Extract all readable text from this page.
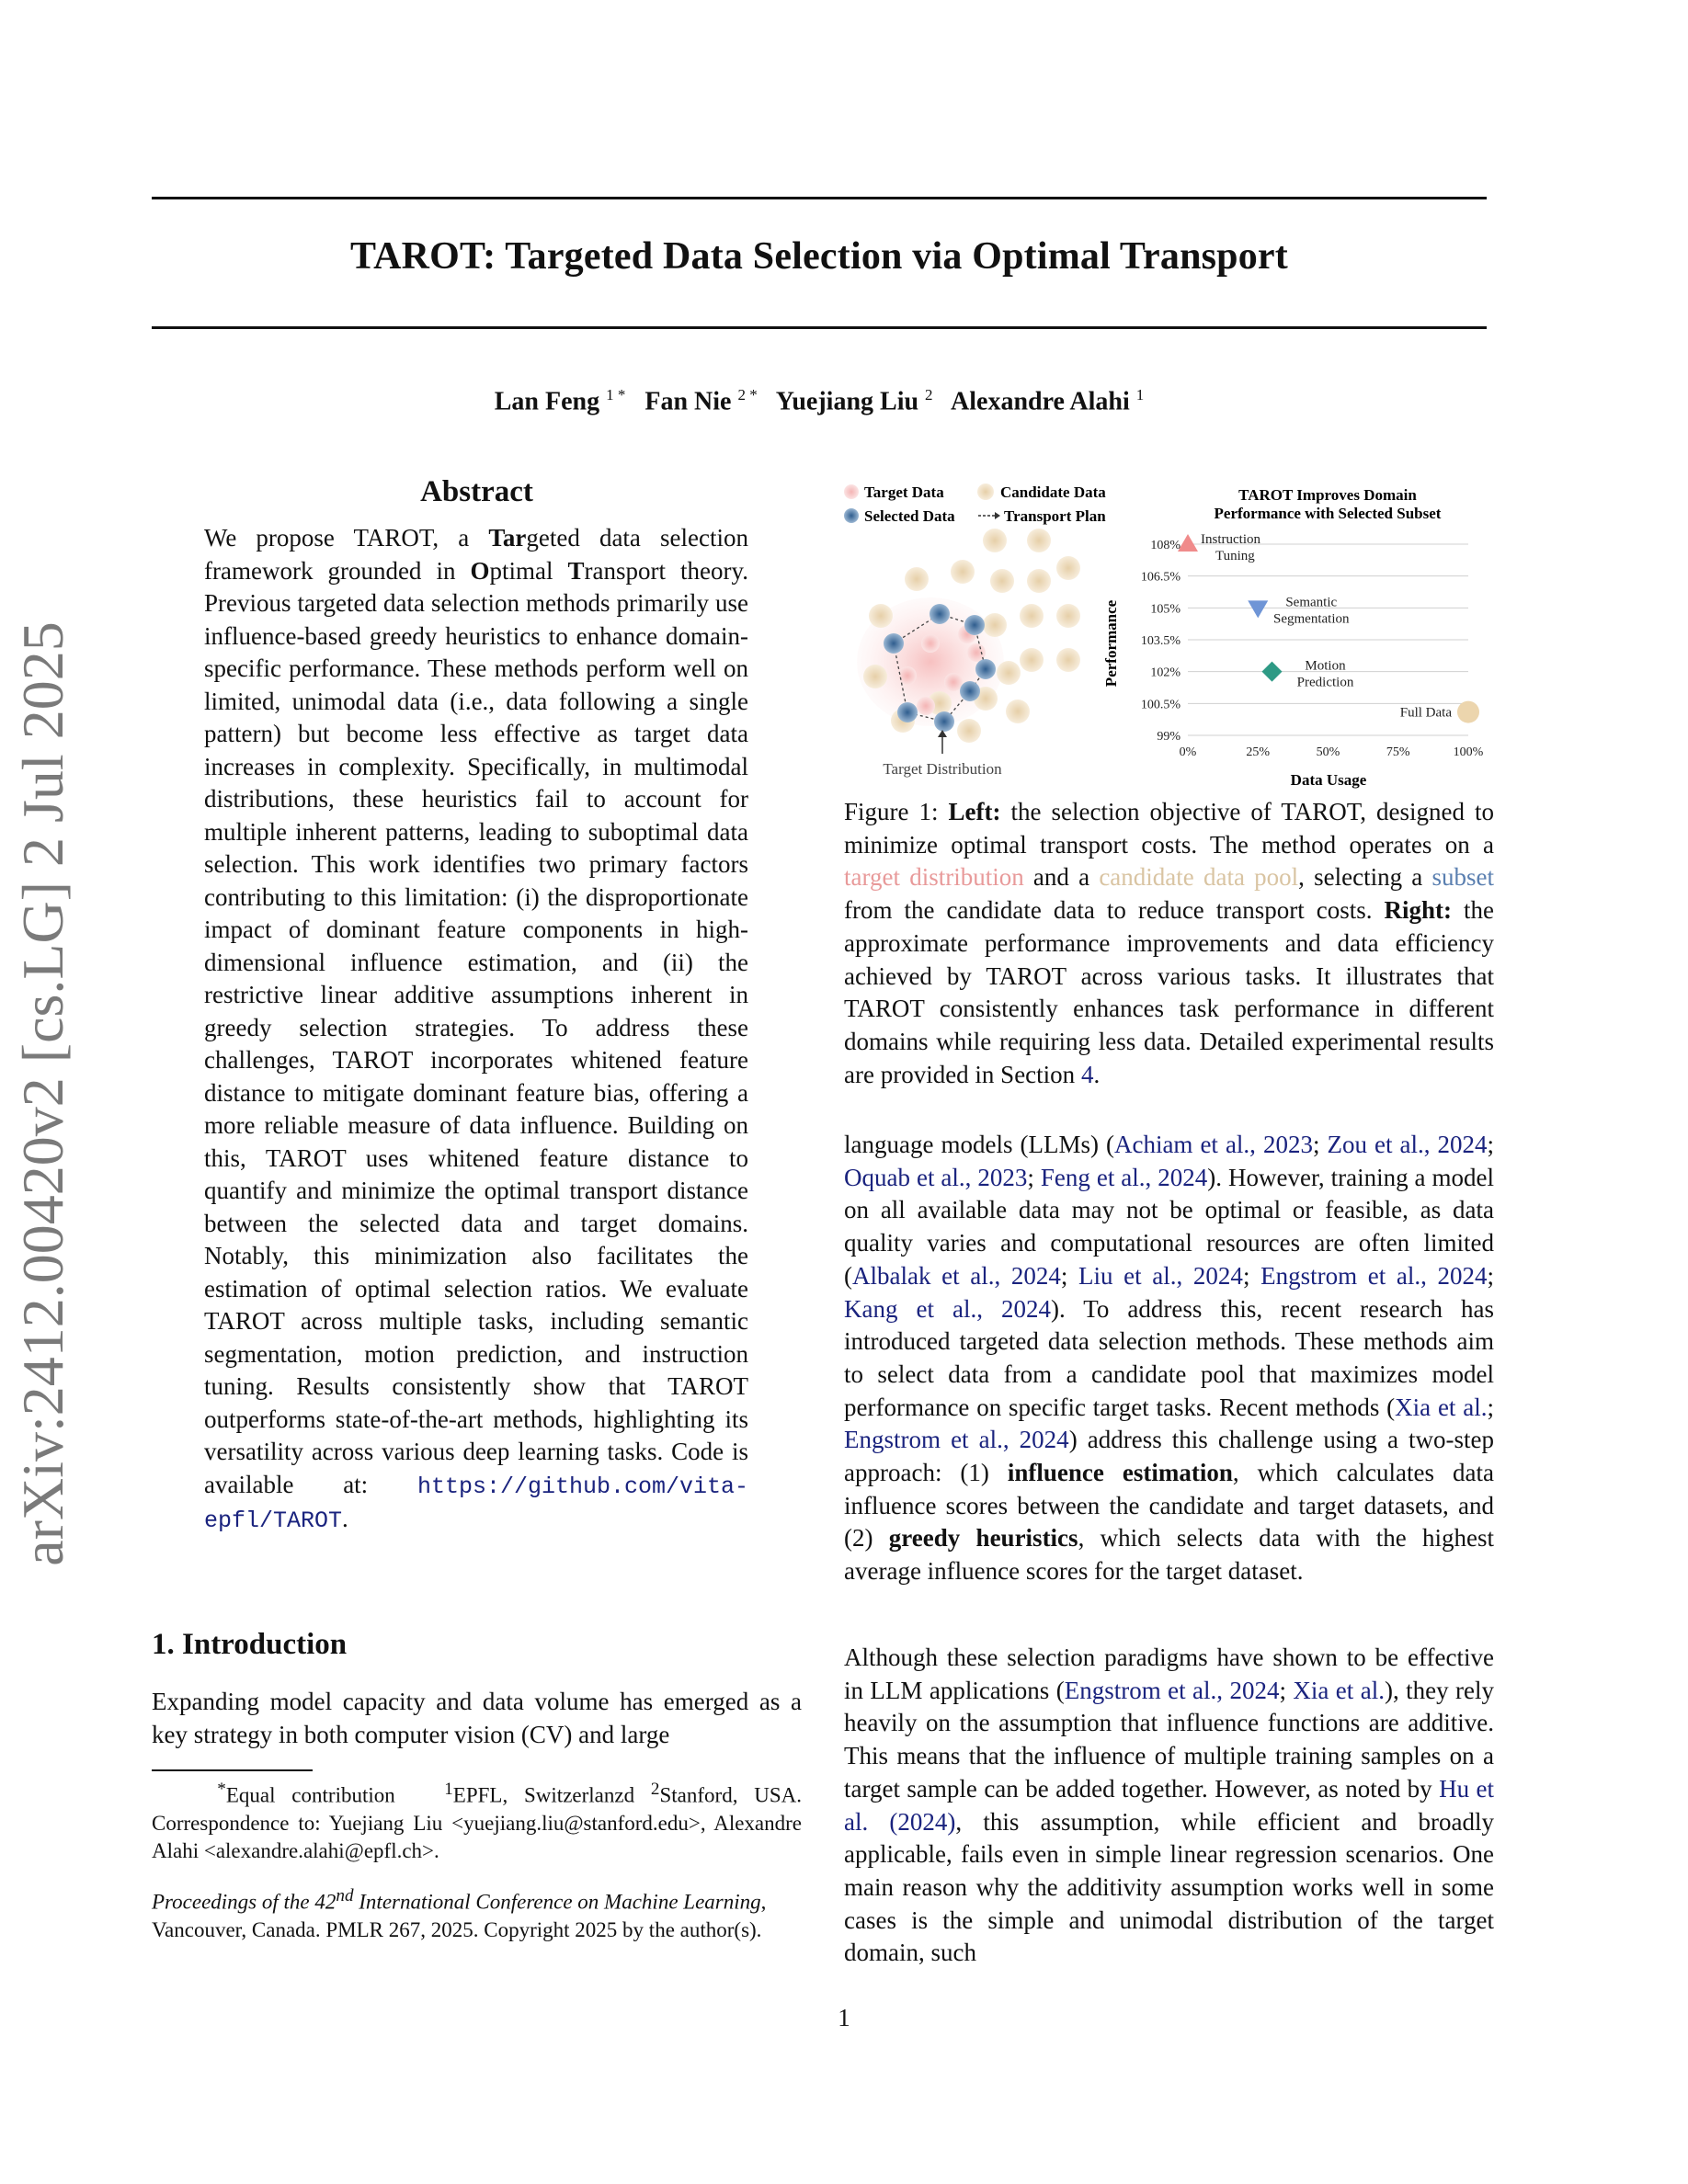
TAROT: Targeted Data Selection via Optimal Transport
Lan Feng $^{1 *}$ Fan Nie $^{2 *}$ Yuejiang Liu $^2$ Alexandre Alahi $^1$
arXiv:2412.00420v2 [cs.LG] 2 Jul 2025
Abstract
We propose TAROT, a Targeted data selection framework grounded in Optimal Transport theory. Previous targeted data selection methods primarily use influence-based greedy heuristics to enhance domain-specific performance. These methods perform well on limited, unimodal data (i.e., data following a single pattern) but become less effective as target data increases in complexity. Specifically, in multimodal distributions, these heuristics fail to account for multiple inherent patterns, leading to suboptimal data selection. This work identifies two primary factors contributing to this limitation: (i) the disproportionate impact of dominant feature components in high-dimensional influence estimation, and (ii) the restrictive linear additive assumptions inherent in greedy selection strategies. To address these challenges, TAROT incorporates whitened feature distance to mitigate dominant feature bias, offering a more reliable measure of data influence. Building on this, TAROT uses whitened feature distance to quantify and minimize the optimal transport distance between the selected data and target domains. Notably, this minimization also facilitates the estimation of optimal selection ratios. We evaluate TAROT across multiple tasks, including semantic segmentation, motion prediction, and instruction tuning. Results consistently show that TAROT outperforms state-of-the-art methods, highlighting its versatility across various deep learning tasks. Code is available at: https://github.com/vita-epfl/TAROT.
1. Introduction
Expanding model capacity and data volume has emerged as a key strategy in both computer vision (CV) and large
*Equal contribution	$^1$EPFL, Switzerlanzd $^2$Stanford, USA. Correspondence to: Yuejiang Liu <yuejiang.liu@stanford.edu>, Alexandre Alahi <alexandre.alahi@epfl.ch>.
Proceedings of the 42nd International Conference on Machine Learning, Vancouver, Canada. PMLR 267, 2025. Copyright 2025 by the author(s).
1
Target Data	Candidate Data
Selected Data	Transport Plan
Target Distribution
TAROT Improves Domain
Performance with Selected Subset
99%
100.5%
102%
103.5%
105%
106.5%
108%
0%	25%	50%	75%	100%
Instruction
Tuning
Semantic
Segmentation
Motion
Prediction
Full Data
Performance
Data Usage
Figure 1: Left: the selection objective of TAROT, designed to minimize optimal transport costs. The method operates on a target distribution and a candidate data pool, selecting a subset from the candidate data to reduce transport costs. Right: the approximate performance improvements and data efficiency achieved by TAROT across various tasks. It illustrates that TAROT consistently enhances task performance in different domains while requiring less data. Detailed experimental results are provided in Section 4.
language models (LLMs) (Achiam et al., 2023; Zou et al., 2024; Oquab et al., 2023; Feng et al., 2024). However, training a model on all available data may not be optimal or feasible, as data quality varies and computational resources are often limited (Albalak et al., 2024; Liu et al., 2024; Engstrom et al., 2024; Kang et al., 2024). To address this, recent research has introduced targeted data selection methods. These methods aim to select data from a candidate pool that maximizes model performance on specific target tasks. Recent methods (Xia et al.; Engstrom et al., 2024) address this challenge using a two-step approach: (1) influence estimation, which calculates data influence scores between the candidate and target datasets, and (2) greedy heuristics, which selects data with the highest average influence scores for the target dataset.
Although these selection paradigms have shown to be effective in LLM applications (Engstrom et al., 2024; Xia et al.), they rely heavily on the assumption that influence functions are additive. This means that the influence of multiple training samples on a target sample can be added together. However, as noted by Hu et al. (2024), this assumption, while efficient and broadly applicable, fails even in simple linear regression scenarios. One main reason why the additivity assumption works well in some cases is the simple and unimodal distribution of the target domain, such
